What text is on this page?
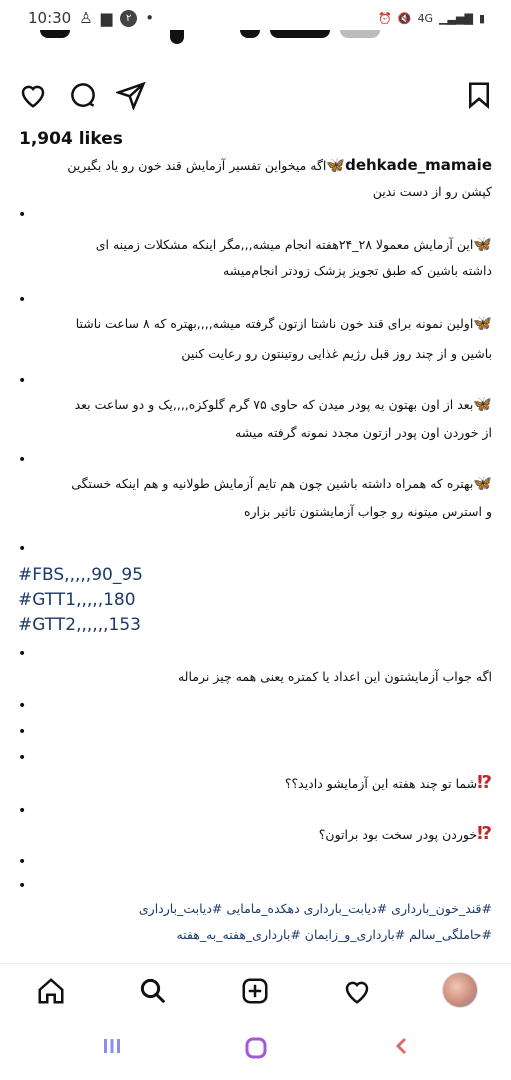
10:30 ♙ ▆	۲ •	⏰ 🔇 4G ▁▃▅▇ ▮
1,904 likes

dehkade_mamaie🦋اگه میخواین تفسیر آزمایش قند خون رو یاد بگیرین

کپشن رو از دست ندین

•

🦋این آزمایش معمولا ۲۸_۲۴هفته انجام میشه,,,مگر اینکه مشکلات زمینه ای

داشته باشین که طبق تجویز پزشک زودتر انجام‌میشه

•

🦋اولین نمونه برای قند خون ناشتا ازتون گرفته میشه,,,,بهتره که ۸ ساعت ناشتا

باشین و از چند روز قبل رژیم غذایی روتینتون رو رعایت کنین

•

🦋بعد از اون بهتون یه پودر میدن که حاوی ۷۵ گرم گلوکزه,,,,یک و دو ساعت بعد

از خوردن اون پودر ازتون مجدد نمونه گرفته میشه

•

🦋بهتره که همراه داشته باشین چون هم تایم آزمایش طولانیه و هم اینکه خستگی

و استرس میتونه رو جواب آزمایشتون تاثیر بزاره

•

#FBS,,,,,90_95

#GTT1,,,,,180

#GTT2,,,,,,153

•

اگه جواب آزمایشتون این اعداد یا کمتره یعنی همه چیز نرماله

•

•

•

⁉شما تو چند هفته این آزمایشو دادید؟؟

•

⁉خوردن پودر سخت بود براتون؟

•

•

#قند_خون_بارداری #دیابت_بارداری دهکده_مامایی #دیابت_بارداری

#حاملگی_سالم #بارداری_و_زایمان #بارداری_هفته_به_هفته
